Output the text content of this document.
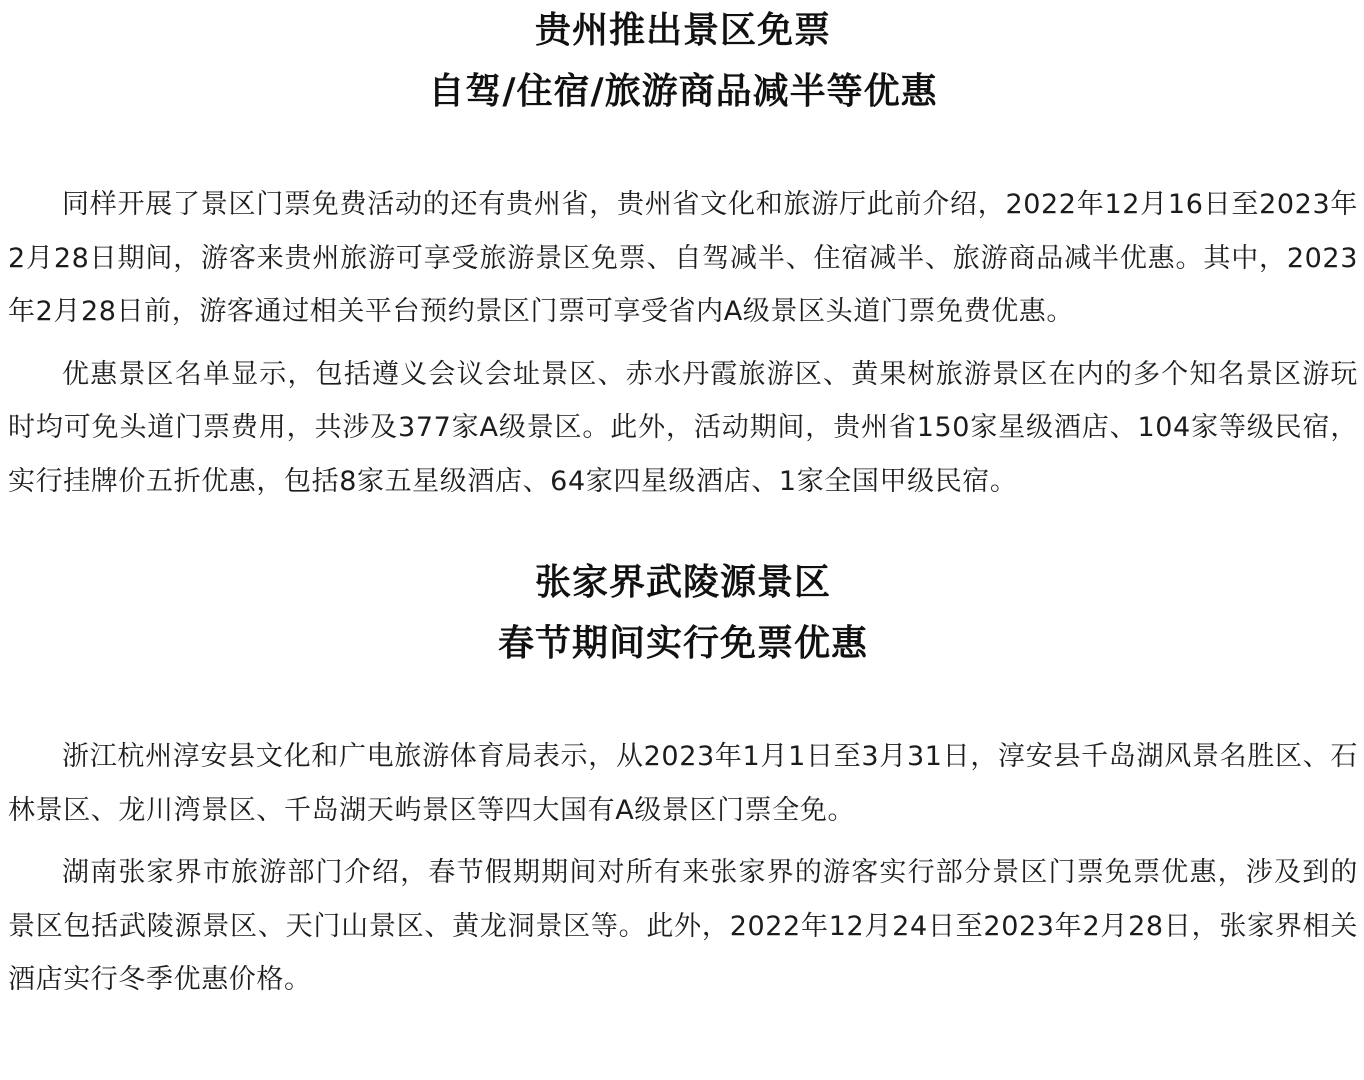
贵州推出景区免票
自驾/住宿/旅游商品减半等优惠

同样开展了景区门票免费活动的还有贵州省，贵州省文化和旅游厅此前介绍，2022年12月16日至2023年2月28日期间，游客来贵州旅游可享受旅游景区免票、自驾减半、住宿减半、旅游商品减半优惠。其中，2023年2月28日前，游客通过相关平台预约景区门票可享受省内A级景区头道门票免费优惠。

优惠景区名单显示，包括遵义会议会址景区、赤水丹霞旅游区、黄果树旅游景区在内的多个知名景区游玩时均可免头道门票费用，共涉及377家A级景区。此外，活动期间，贵州省150家星级酒店、104家等级民宿，实行挂牌价五折优惠，包括8家五星级酒店、64家四星级酒店、1家全国甲级民宿。

张家界武陵源景区
春节期间实行免票优惠

浙江杭州淳安县文化和广电旅游体育局表示，从2023年1月1日至3月31日，淳安县千岛湖风景名胜区、石林景区、龙川湾景区、千岛湖天屿景区等四大国有A级景区门票全免。

湖南张家界市旅游部门介绍，春节假期期间对所有来张家界的游客实行部分景区门票免票优惠，涉及到的景区包括武陵源景区、天门山景区、黄龙洞景区等。此外，2022年12月24日至2023年2月28日，张家界相关酒店实行冬季优惠价格。
